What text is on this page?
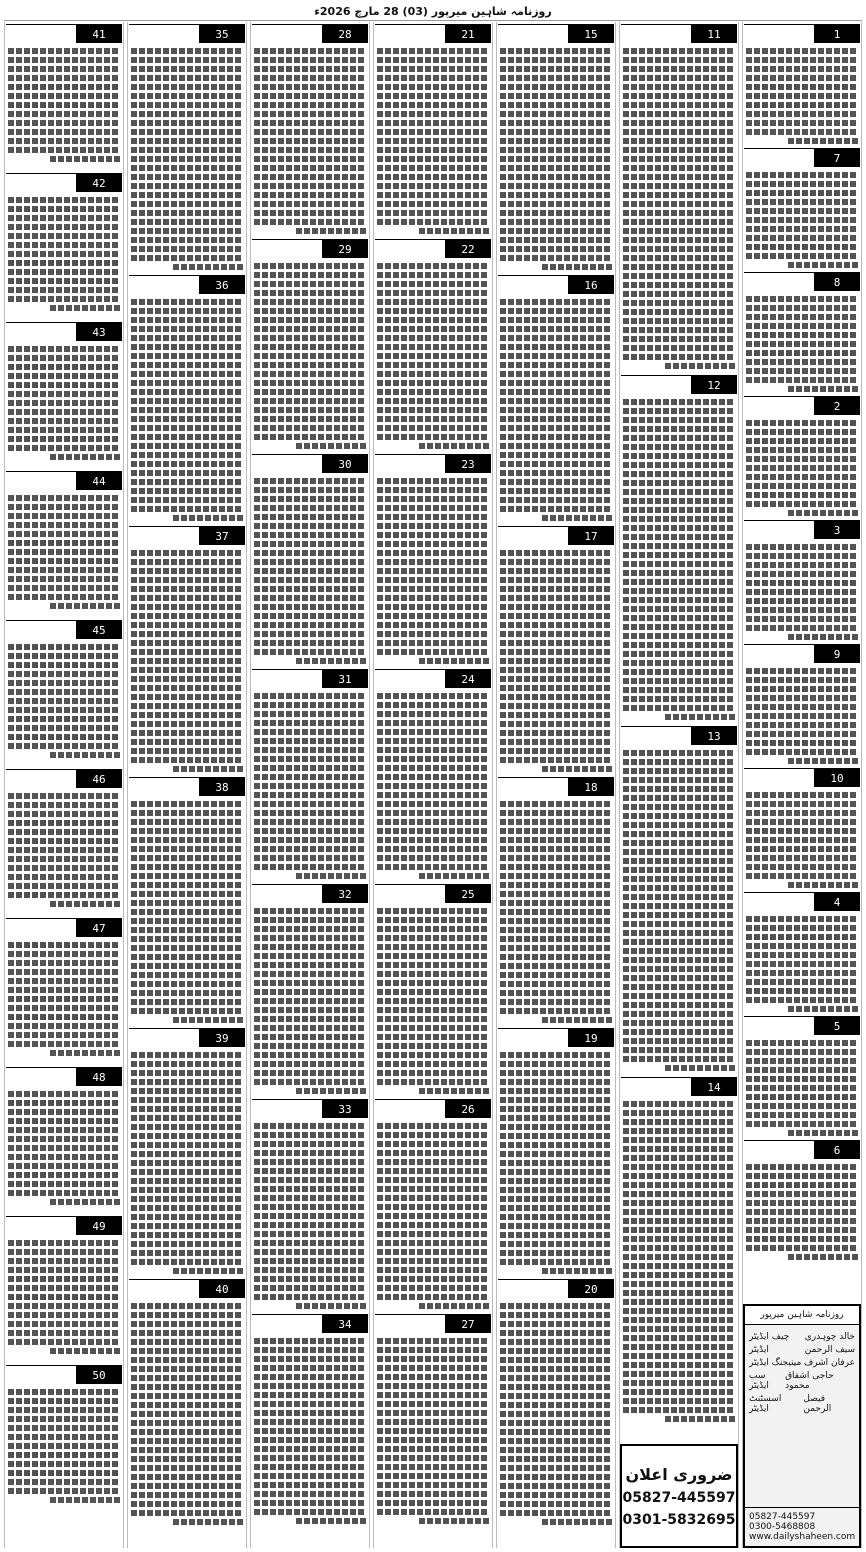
روزنامہ شاہین میرپور (03) 28 مارچ 2026ء
1
7
8
2
3
9
10
4
5
6
روزنامہ شاہین میرپور
چیف ایڈیٹر خالد چوہدری
ایڈیٹر	سیف الرحمن
مینیجنگ ایڈیٹر عرفان اشرف
سب ایڈیٹر
حاجی اشفاق محمود
اسسٹنٹ ایڈیٹر
فیصل الرحمن
05827-445597
0300-5468808
www.dailyshaheen.com
11
12
13
14
ضروری اعلان
05827-445597
0301-5832695
15
16
17
18
19
20
21
22
23
24
25
26
27
28
29
30
31
32
33
34
35
36
37
38
39
40
41
42
43
44
45
46
47
48
49
50
